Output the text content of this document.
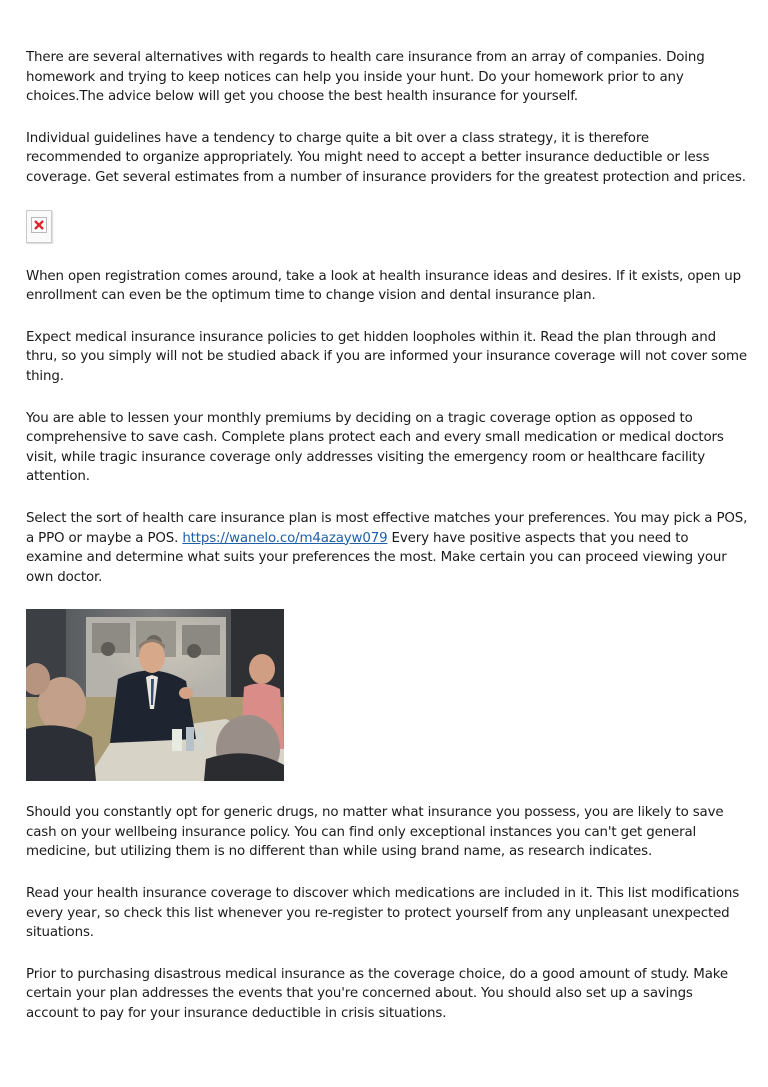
There are several alternatives with regards to health care insurance from an array of companies. Doing homework and trying to keep notices can help you inside your hunt. Do your homework prior to any choices.The advice below will get you choose the best health insurance for yourself.

Individual guidelines have a tendency to charge quite a bit over a class strategy, it is therefore recommended to organize appropriately. You might need to accept a better insurance deductible or less coverage. Get several estimates from a number of insurance providers for the greatest protection and prices.

When open registration comes around, take a look at health insurance ideas and desires. If it exists, open up enrollment can even be the optimum time to change vision and dental insurance plan.

Expect medical insurance insurance policies to get hidden loopholes within it. Read the plan through and thru, so you simply will not be studied aback if you are informed your insurance coverage will not cover some thing.

You are able to lessen your monthly premiums by deciding on a tragic coverage option as opposed to comprehensive to save cash. Complete plans protect each and every small medication or medical doctors visit, while tragic insurance coverage only addresses visiting the emergency room or healthcare facility attention.

Select the sort of health care insurance plan is most effective matches your preferences. You may pick a POS, a PPO or maybe a POS. https://wanelo.co/m4azayw079 Every have positive aspects that you need to examine and determine what suits your preferences the most. Make certain you can proceed viewing your own doctor.

Should you constantly opt for generic drugs, no matter what insurance you possess, you are likely to save cash on your wellbeing insurance policy. You can find only exceptional instances you can't get general medicine, but utilizing them is no different than while using brand name, as research indicates.

Read your health insurance coverage to discover which medications are included in it. This list modifications every year, so check this list whenever you re-register to protect yourself from any unpleasant unexpected situations.

Prior to purchasing disastrous medical insurance as the coverage choice, do a good amount of study. Make certain your plan addresses the events that you're concerned about. You should also set up a savings account to pay for your insurance deductible in crisis situations.
